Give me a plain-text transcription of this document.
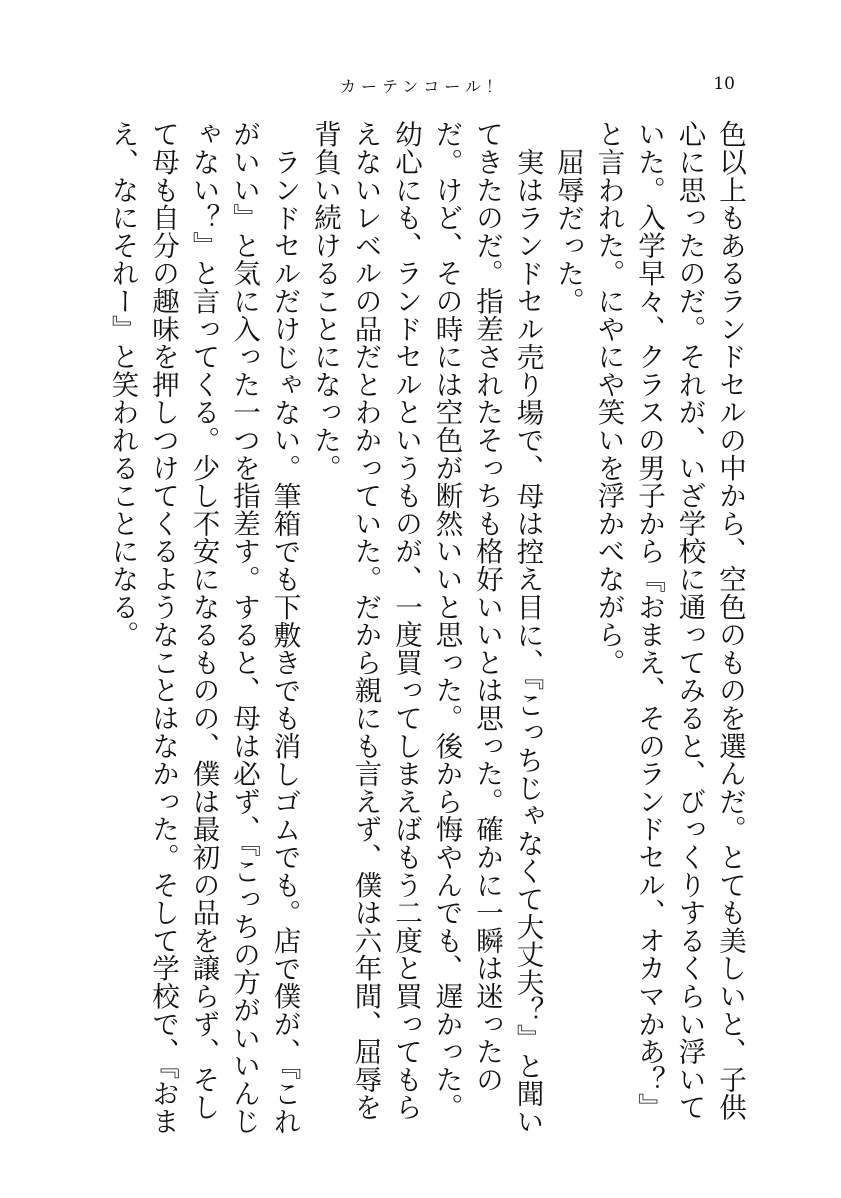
カーテンコール！	10

色以上もあるランドセルの中から、空色のものを選んだ。とても美しいと、子供心に思ったのだ。それが、いざ学校に通ってみると、びっくりするくらい浮いていた。入学早々、クラスの男子から『おまえ、そのランドセル、オカマかあ？』と言われた。にやにや笑いを浮かべながら。

屈辱だった。

実はランドセル売り場で、母は控え目に、『こっちじゃなくて大丈夫？』と聞いてきたのだ。指差されたそっちも格好いいとは思った。確かに一瞬は迷ったのだ。けど、その時には空色が断然いいと思った。後から悔やんでも、遅かった。幼心にも、ランドセルというものが、一度買ってしまえばもう二度と買ってもらえないレベルの品だとわかっていた。だから親にも言えず、僕は六年間、屈辱を背負い続けることになった。

ランドセルだけじゃない。筆箱でも下敷きでも消しゴムでも。店で僕が、『これがいい』と気に入った一つを指差す。すると、母は必ず、『こっちの方がいいんじゃない？』と言ってくる。少し不安になるものの、僕は最初の品を譲らず、そして母も自分の趣味を押しつけてくるようなことはなかった。そして学校で、『おまえ、なにそれー』と笑われることになる。
